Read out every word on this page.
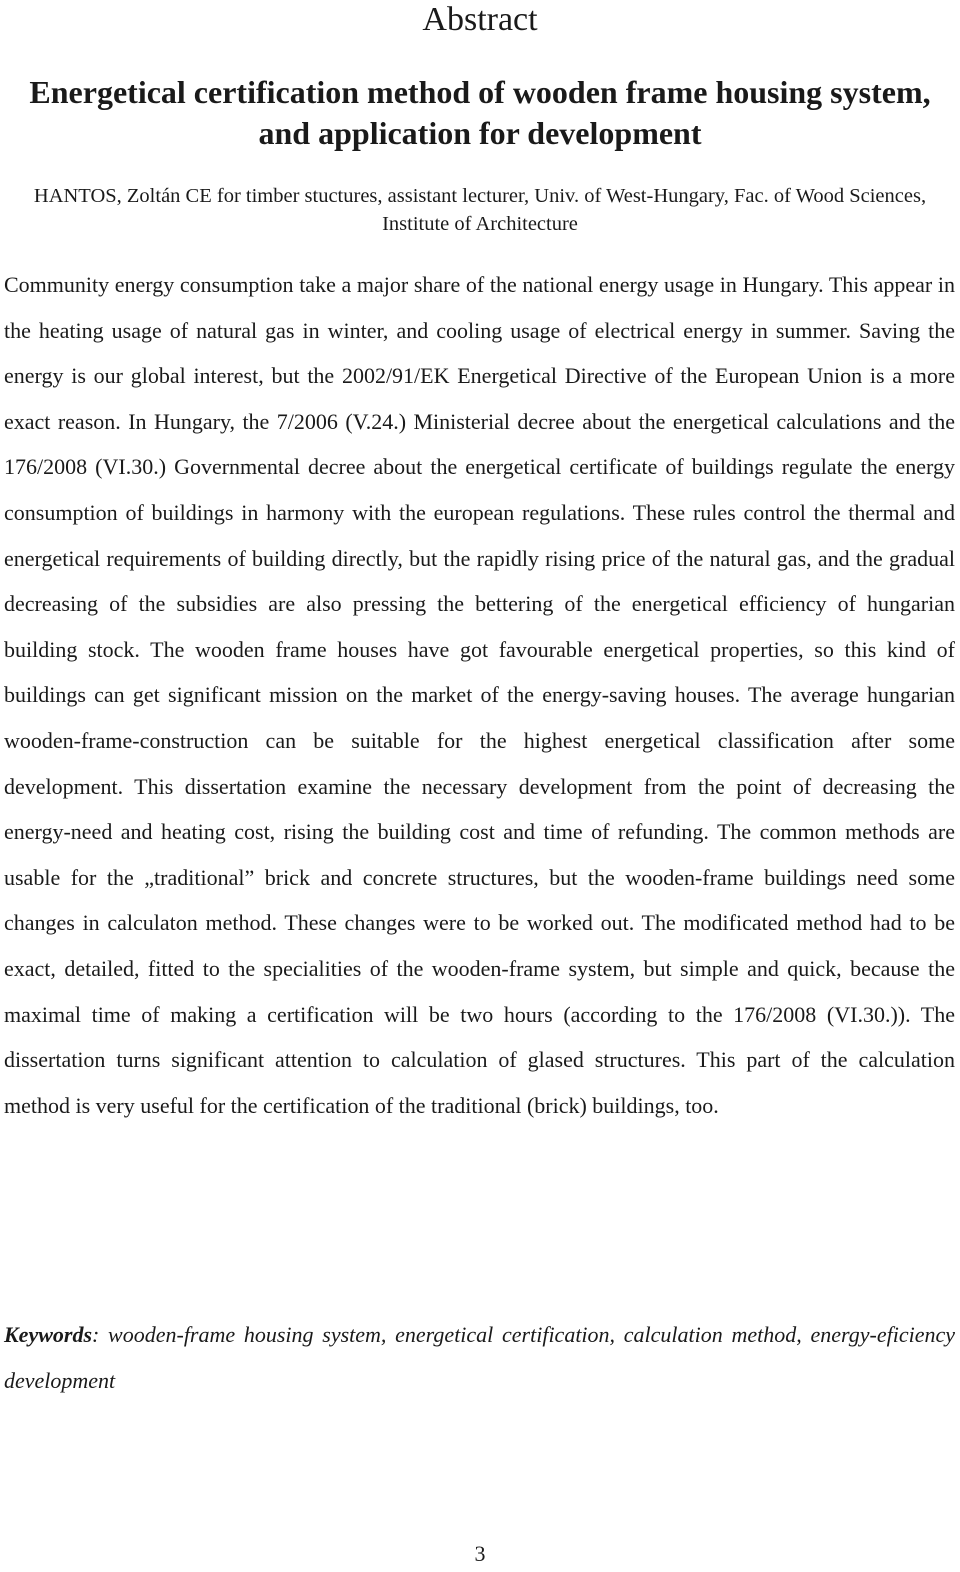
Abstract
Energetical certification method of wooden frame housing system, and application for development

HANTOS, Zoltán CE for timber stuctures, assistant lecturer, Univ. of West-Hungary, Fac. of Wood Sciences, Institute of Architecture

Community energy consumption take a major share of the national energy usage in Hungary. This appear in the heating usage of natural gas in winter, and cooling usage of electrical energy in summer. Saving the energy is our global interest, but the 2002/91/EK Energetical Directive of the European Union is a more exact reason. In Hungary, the 7/2006 (V.24.) Ministerial decree about the energetical calculations and the 176/2008 (VI.30.) Governmental decree about the energetical certificate of buildings regulate the energy consumption of buildings in harmony with the european regulations. These rules control the thermal and energetical requirements of building directly, but the rapidly rising price of the natural gas, and the gradual decreasing of the subsidies are also pressing the bettering of the energetical efficiency of hungarian building stock. The wooden frame houses have got favourable energetical properties, so this kind of buildings can get significant mission on the market of the energy-saving houses. The average hungarian wooden-frame-construction can be suitable for the highest energetical classification after some development. This dissertation examine the necessary development from the point of decreasing the energy-need and heating cost, rising the building cost and time of refunding. The common methods are usable for the „traditional” brick and concrete structures, but the wooden-frame buildings need some changes in calculaton method. These changes were to be worked out. The modificated method had to be exact, detailed, fitted to the specialities of the wooden-frame system, but simple and quick, because the maximal time of making a certification will be two hours (according to the 176/2008 (VI.30.)). The dissertation turns significant attention to calculation of glased structures. This part of the calculation method is very useful for the certification of the traditional (brick) buildings, too.

Keywords: wooden-frame housing system, energetical certification, calculation method, energy-eficiency development

3
